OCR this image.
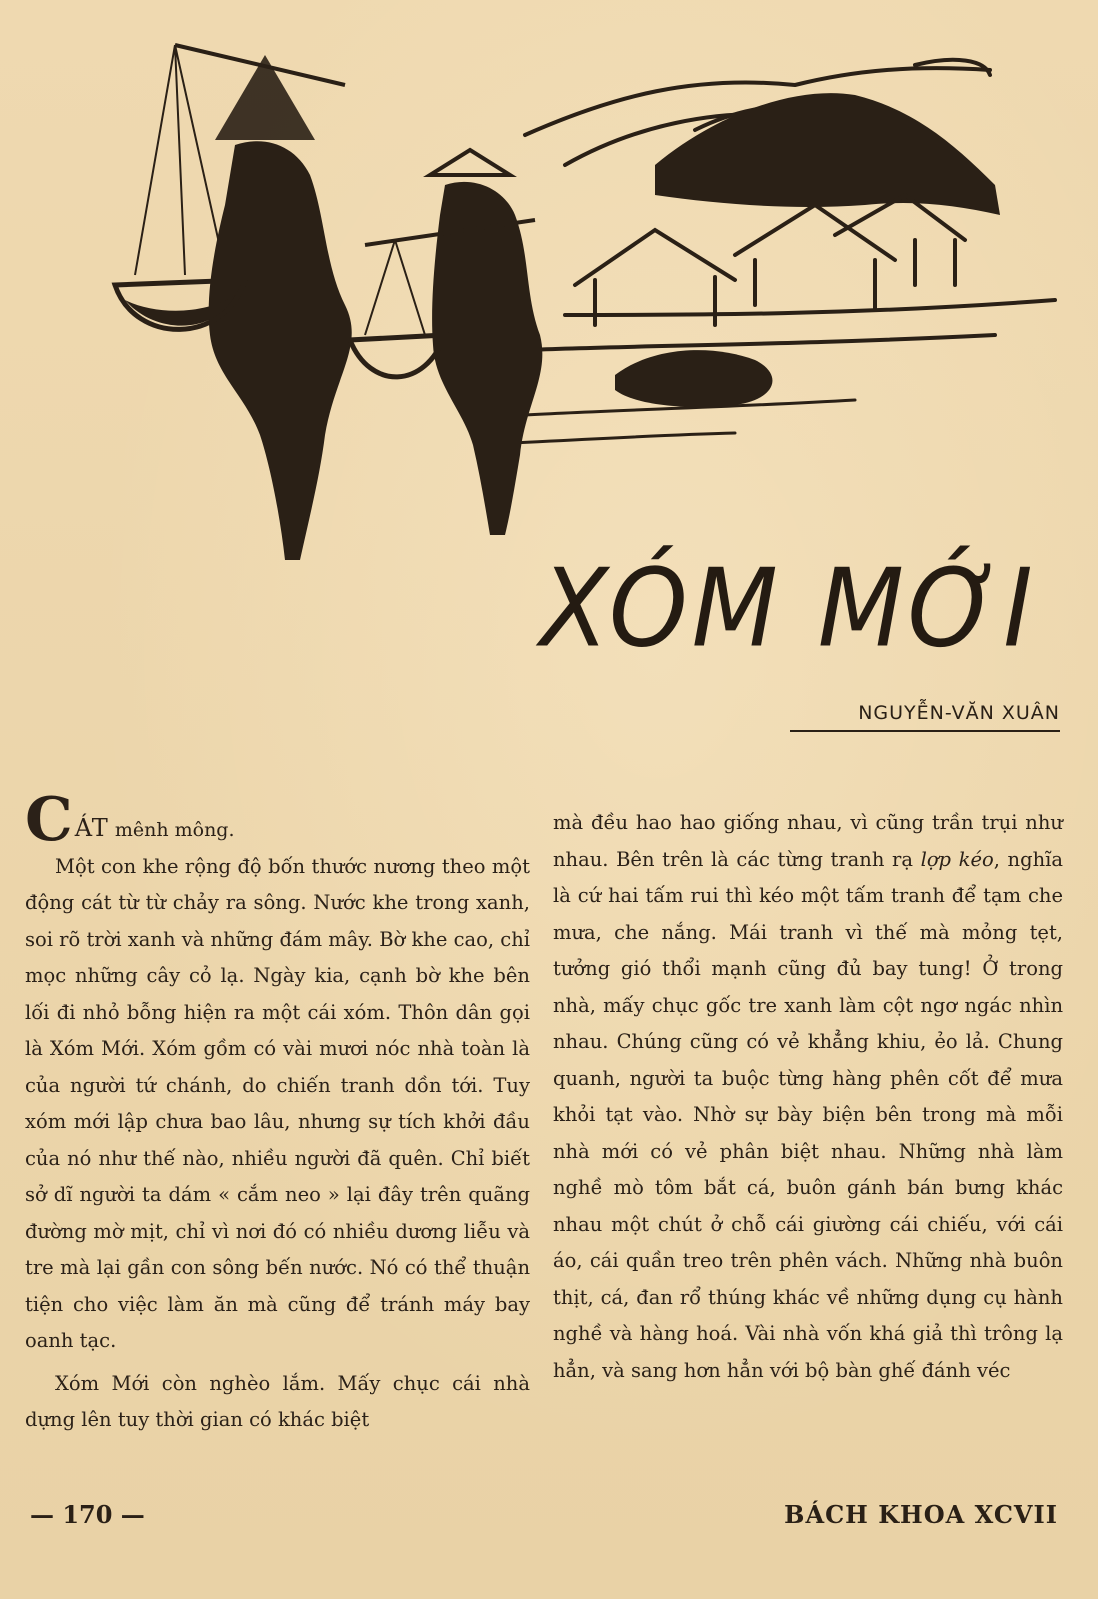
XÓM MỚI
NGUYỄN-VĂN XUÂN
CÁT mênh mông.

Một con khe rộng độ bốn thước nương theo một động cát từ từ chảy ra sông. Nước khe trong xanh, soi rõ trời xanh và những đám mây. Bờ khe cao, chỉ mọc những cây cỏ lạ. Ngày kia, cạnh bờ khe bên lối đi nhỏ bỗng hiện ra một cái xóm. Thôn dân gọi là Xóm Mới. Xóm gồm có vài mươi nóc nhà toàn là của người tứ chánh, do chiến tranh dồn tới. Tuy xóm mới lập chưa bao lâu, nhưng sự tích khởi đầu của nó như thế nào, nhiều người đã quên. Chỉ biết sở dĩ người ta dám « cắm neo » lại đây trên quãng đường mờ mịt, chỉ vì nơi đó có nhiều dương liễu và tre mà lại gần con sông bến nước. Nó có thể thuận tiện cho việc làm ăn mà cũng để tránh máy bay oanh tạc.

Xóm Mới còn nghèo lắm. Mấy chục cái nhà dựng lên tuy thời gian có khác biệt

mà đều hao hao giống nhau, vì cũng trần trụi như nhau. Bên trên là các từng tranh rạ lợp kéo, nghĩa là cứ hai tấm rui thì kéo một tấm tranh để tạm che mưa, che nắng. Mái tranh vì thế mà mỏng tẹt, tưởng gió thổi mạnh cũng đủ bay tung! Ở trong nhà, mấy chục gốc tre xanh làm cột ngơ ngác nhìn nhau. Chúng cũng có vẻ khẳng khiu, ẻo lả. Chung quanh, người ta buộc từng hàng phên cốt để mưa khỏi tạt vào. Nhờ sự bày biện bên trong mà mỗi nhà mới có vẻ phân biệt nhau. Những nhà làm nghề mò tôm bắt cá, buôn gánh bán bưng khác nhau một chút ở chỗ cái giường cái chiếu, với cái áo, cái quần treo trên phên vách. Những nhà buôn thịt, cá, đan rổ thúng khác về những dụng cụ hành nghề và hàng hoá. Vài nhà vốn khá giả thì trông lạ hẳn, và sang hơn hẳn với bộ bàn ghế đánh véc
— 170 —	BÁCH KHOA XCVII
